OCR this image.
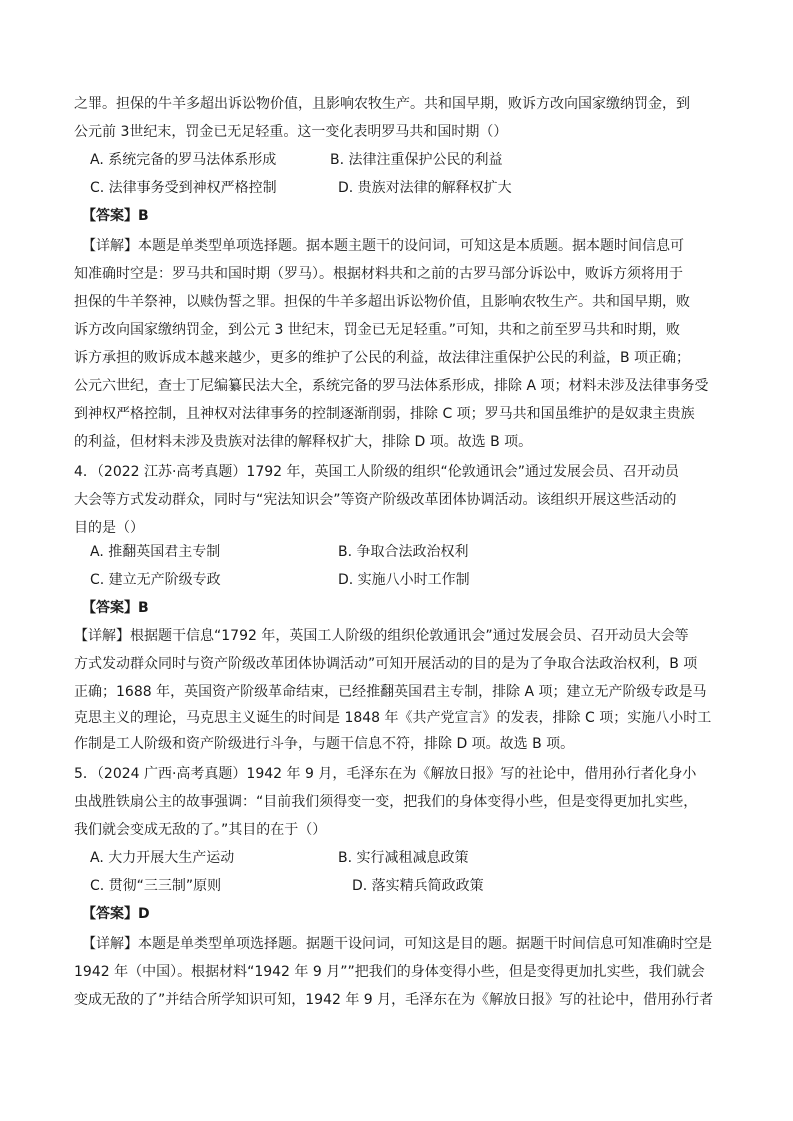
之罪。担保的牛羊多超出诉讼物价值，且影响农牧生产。共和国早期，败诉方改向国家缴纳罚金，到
公元前 3世纪末，罚金已无足轻重。这一变化表明罗马共和国时期（）
A. 系统完备的罗马法体系形成	B. 法律注重保护公民的利益
C. 法律事务受到神权严格控制	D. 贵族对法律的解释权扩大
【答案】B
【详解】本题是单类型单项选择题。据本题主题干的设问词，可知这是本质题。据本题时间信息可
知准确时空是：罗马共和国时期（罗马）。根据材料共和之前的古罗马部分诉讼中，败诉方须将用于
担保的牛羊祭神，以赎伪誓之罪。担保的牛羊多超出诉讼物价值，且影响农牧生产。共和国早期，败
诉方改向国家缴纳罚金，到公元 3 世纪末，罚金已无足轻重。”可知，共和之前至罗马共和时期，败
诉方承担的败诉成本越来越少，更多的维护了公民的利益，故法律注重保护公民的利益，B 项正确；
公元六世纪，查士丁尼编纂民法大全，系统完备的罗马法体系形成，排除 A 项；材料未涉及法律事务受
到神权严格控制，且神权对法律事务的控制逐渐削弱，排除 C 项；罗马共和国虽维护的是奴隶主贵族
的利益，但材料未涉及贵族对法律的解释权扩大，排除 D 项。故选 B 项。
4．（2022 江苏·高考真题）1792 年，英国工人阶级的组织“伦敦通讯会”通过发展会员、召开动员
大会等方式发动群众，同时与“宪法知识会”等资产阶级改革团体协调活动。该组织开展这些活动的
目的是（）
A. 推翻英国君主专制	B. 争取合法政治权利
C. 建立无产阶级专政	D. 实施八小时工作制
【答案】B
【详解】根据题干信息“1792 年，英国工人阶级的组织伦敦通讯会”通过发展会员、召开动员大会等
方式发动群众同时与资产阶级改革团体协调活动”可知开展活动的目的是为了争取合法政治权利，B 项
正确；1688 年，英国资产阶级革命结束，已经推翻英国君主专制，排除 A 项；建立无产阶级专政是马
克思主义的理论，马克思主义诞生的时间是 1848 年《共产党宣言》的发表，排除 C 项；实施八小时工
作制是工人阶级和资产阶级进行斗争，与题干信息不符，排除 D 项。故选 B 项。
5．（2024 广西·高考真题）1942 年 9 月，毛泽东在为《解放日报》写的社论中，借用孙行者化身小
虫战胜铁扇公主的故事强调：“目前我们须得变一变，把我们的身体变得小些，但是变得更加扎实些，
我们就会变成无敌的了。”其目的在于（）
A. 大力开展大生产运动	B. 实行减租减息政策
C. 贯彻“三三制”原则	D. 落实精兵简政政策
【答案】D
【详解】本题是单类型单项选择题。据题干设问词，可知这是目的题。据题干时间信息可知准确时空是
1942 年（中国）。根据材料“1942 年 9 月””把我们的身体变得小些，但是变得更加扎实些，我们就会
变成无敌的了”并结合所学知识可知，1942 年 9 月，毛泽东在为《解放日报》写的社论中，借用孙行者
